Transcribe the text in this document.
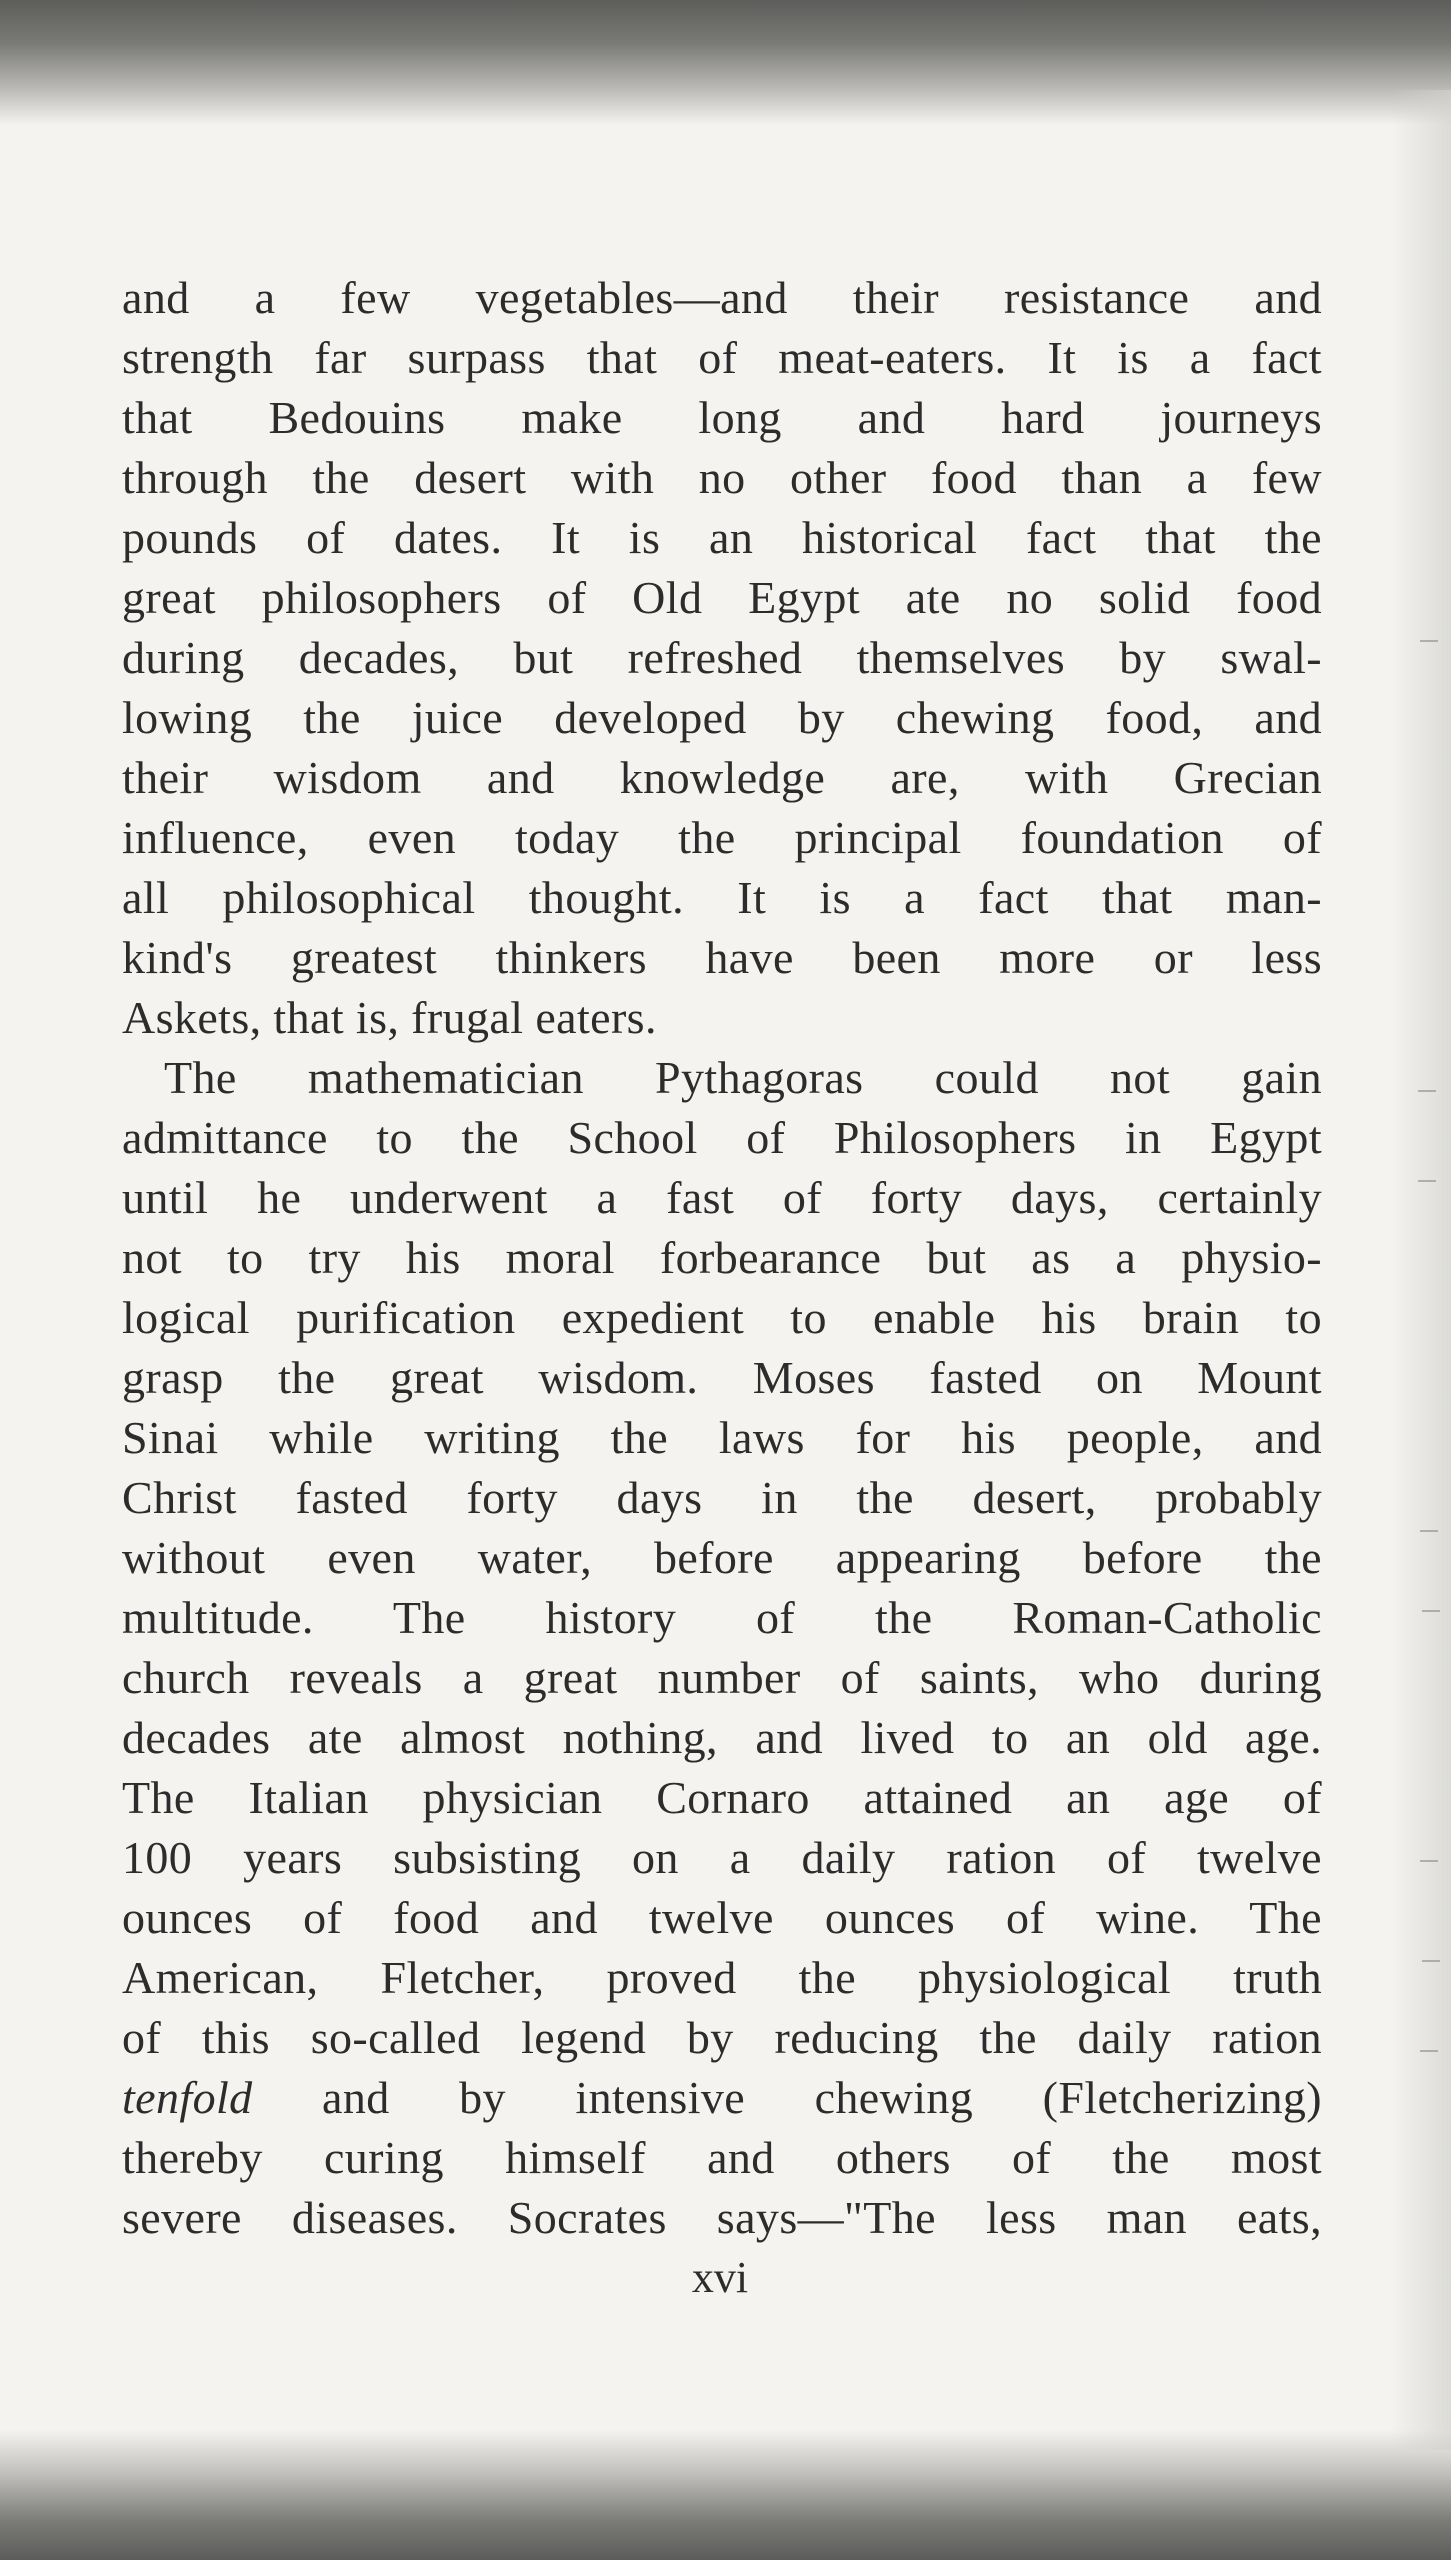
and a few vegetables—and their resistance and
strength far surpass that of meat-eaters. It is a fact
that Bedouins make long and hard journeys
through the desert with no other food than a few
pounds of dates. It is an historical fact that the
great philosophers of Old Egypt ate no solid food
during decades, but refreshed themselves by swal-
lowing the juice developed by chewing food, and
their wisdom and knowledge are, with Grecian
influence, even today the principal foundation of
all philosophical thought. It is a fact that man-
kind's greatest thinkers have been more or less
Askets, that is, frugal eaters.
The mathematician Pythagoras could not gain
admittance to the School of Philosophers in Egypt
until he underwent a fast of forty days, certainly
not to try his moral forbearance but as a physio-
logical purification expedient to enable his brain to
grasp the great wisdom. Moses fasted on Mount
Sinai while writing the laws for his people, and
Christ fasted forty days in the desert, probably
without even water, before appearing before the
multitude. The history of the Roman-Catholic
church reveals a great number of saints, who during
decades ate almost nothing, and lived to an old age.
The Italian physician Cornaro attained an age of
100 years subsisting on a daily ration of twelve
ounces of food and twelve ounces of wine. The
American, Fletcher, proved the physiological truth
of this so-called legend by reducing the daily ration
tenfold and by intensive chewing (Fletcherizing)
thereby curing himself and others of the most
severe diseases. Socrates says—"The less man eats,
xvi
